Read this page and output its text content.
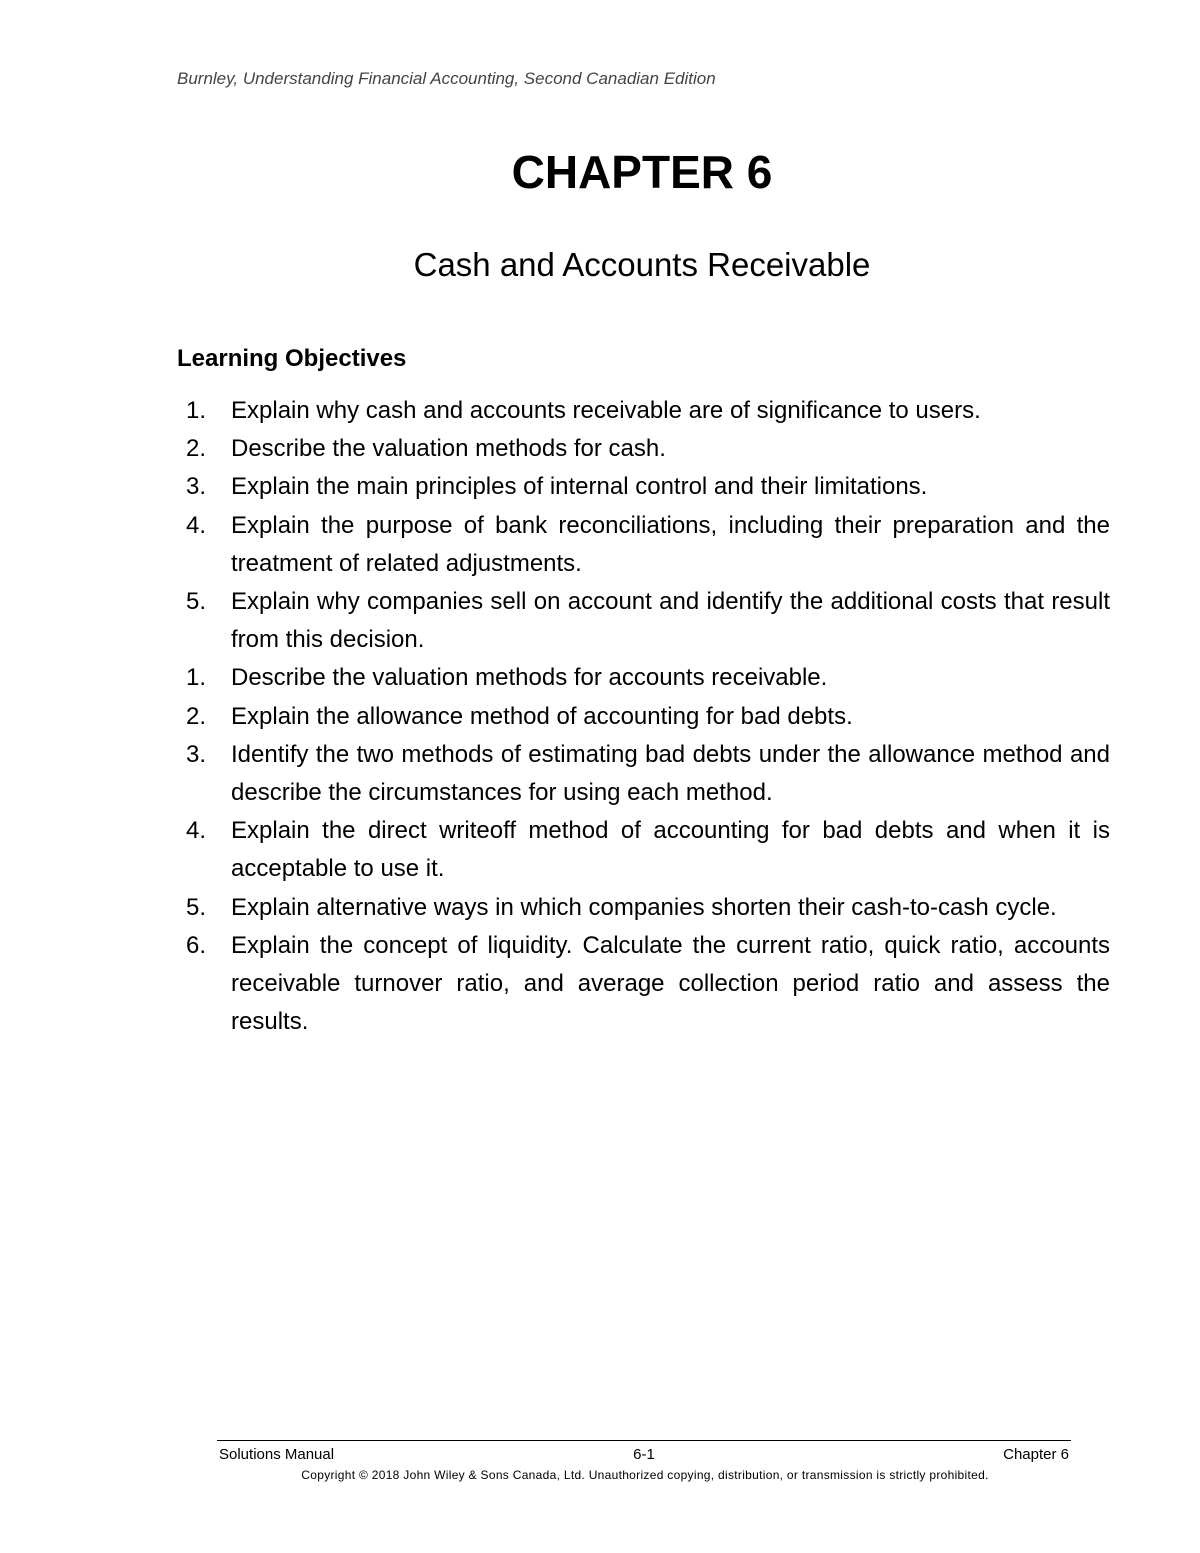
Burnley, Understanding Financial Accounting, Second Canadian Edition
CHAPTER 6
Cash and Accounts Receivable
Learning Objectives
1.	Explain why cash and accounts receivable are of significance to users.
2.	Describe the valuation methods for cash.
3.	Explain the main principles of internal control and their limitations.
4.	Explain the purpose of bank reconciliations, including their preparation and the treatment of related adjustments.
5.	Explain why companies sell on account and identify the additional costs that result from this decision.
1.	Describe the valuation methods for accounts receivable.
2.	Explain the allowance method of accounting for bad debts.
3.	Identify the two methods of estimating bad debts under the allowance method and describe the circumstances for using each method.
4.	Explain the direct writeoff method of accounting for bad debts and when it is acceptable to use it.
5.	Explain alternative ways in which companies shorten their cash-to-cash cycle.
6.	Explain the concept of liquidity. Calculate the current ratio, quick ratio, accounts receivable turnover ratio, and average collection period ratio and assess the results.
6-1
Solutions Manual	Chapter 6
Copyright © 2018 John Wiley & Sons Canada, Ltd. Unauthorized copying, distribution, or transmission is strictly prohibited.
